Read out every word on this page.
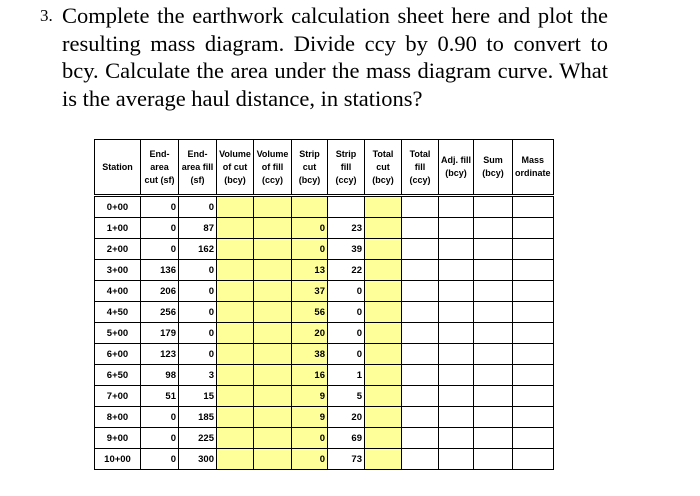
3. Complete the earthwork calculation sheet here and plot the resulting mass diagram. Divide ccy by 0.90 to convert to bcy. Calculate the area under the mass diagram curve. What is the average haul distance, in stations?
Station	End-area cut (sf)	End-area fill (sf)	Volume of cut (bcy)	Volume of fill (ccy)	Strip cut (bcy)	Strip fill (ccy)	Total cut (bcy)	Total fill (ccy)	Adj. fill (bcy)	Sum (bcy)	Mass ordinate
0+00	0	0									
1+00	0	87			0	23					
2+00	0	162			0	39					
3+00	136	0			13	22					
4+00	206	0			37	0					
4+50	256	0			56	0					
5+00	179	0			20	0					
6+00	123	0			38	0					
6+50	98	3			16	1					
7+00	51	15			9	5					
8+00	0	185			9	20					
9+00	0	225			0	69					
10+00	0	300			0	73					
